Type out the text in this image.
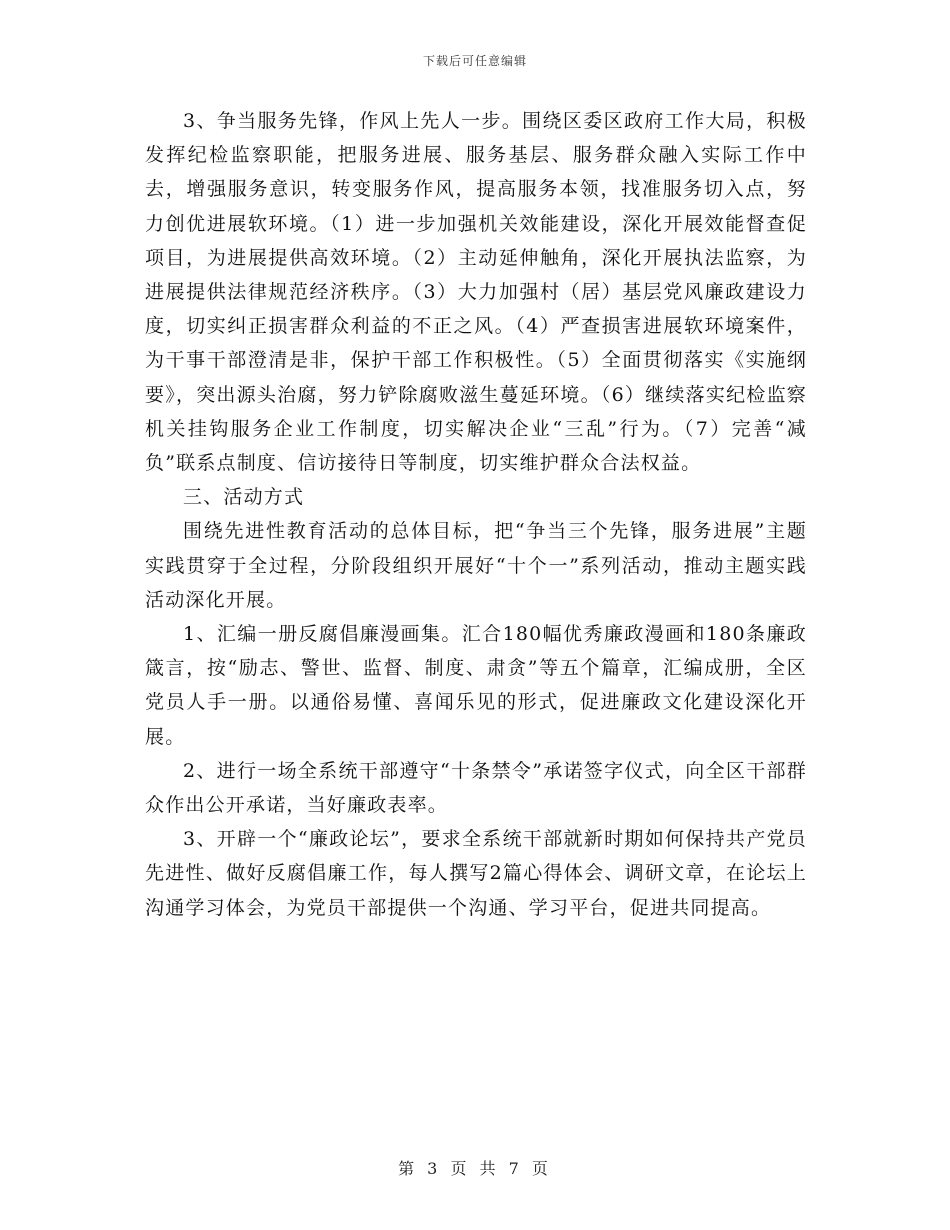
下载后可任意编辑

3、争当服务先锋，作风上先人一步。围绕区委区政府工作大局，积极发挥纪检监察职能，把服务进展、服务基层、服务群众融入实际工作中去，增强服务意识，转变服务作风，提高服务本领，找准服务切入点，努力创优进展软环境。（1）进一步加强机关效能建设，深化开展效能督查促项目，为进展提供高效环境。（2）主动延伸触角，深化开展执法监察，为进展提供法律规范经济秩序。（3）大力加强村（居）基层党风廉政建设力度，切实纠正损害群众利益的不正之风。（4）严查损害进展软环境案件，为干事干部澄清是非，保护干部工作积极性。（5）全面贯彻落实《实施纲要》，突出源头治腐，努力铲除腐败滋生蔓延环境。（6）继续落实纪检监察机关挂钩服务企业工作制度，切实解决企业“三乱”行为。（7）完善“减负”联系点制度、信访接待日等制度，切实维护群众合法权益。

三、活动方式

围绕先进性教育活动的总体目标，把“争当三个先锋，服务进展”主题实践贯穿于全过程，分阶段组织开展好“十个一”系列活动，推动主题实践活动深化开展。

1、汇编一册反腐倡廉漫画集。汇合180幅优秀廉政漫画和180条廉政箴言，按“励志、警世、监督、制度、肃贪”等五个篇章，汇编成册，全区党员人手一册。以通俗易懂、喜闻乐见的形式，促进廉政文化建设深化开展。

2、进行一场全系统干部遵守“十条禁令”承诺签字仪式，向全区干部群众作出公开承诺，当好廉政表率。

3、开辟一个“廉政论坛”，要求全系统干部就新时期如何保持共产党员先进性、做好反腐倡廉工作，每人撰写2篇心得体会、调研文章，在论坛上沟通学习体会，为党员干部提供一个沟通、学习平台，促进共同提高。

第 3 页 共 7 页
